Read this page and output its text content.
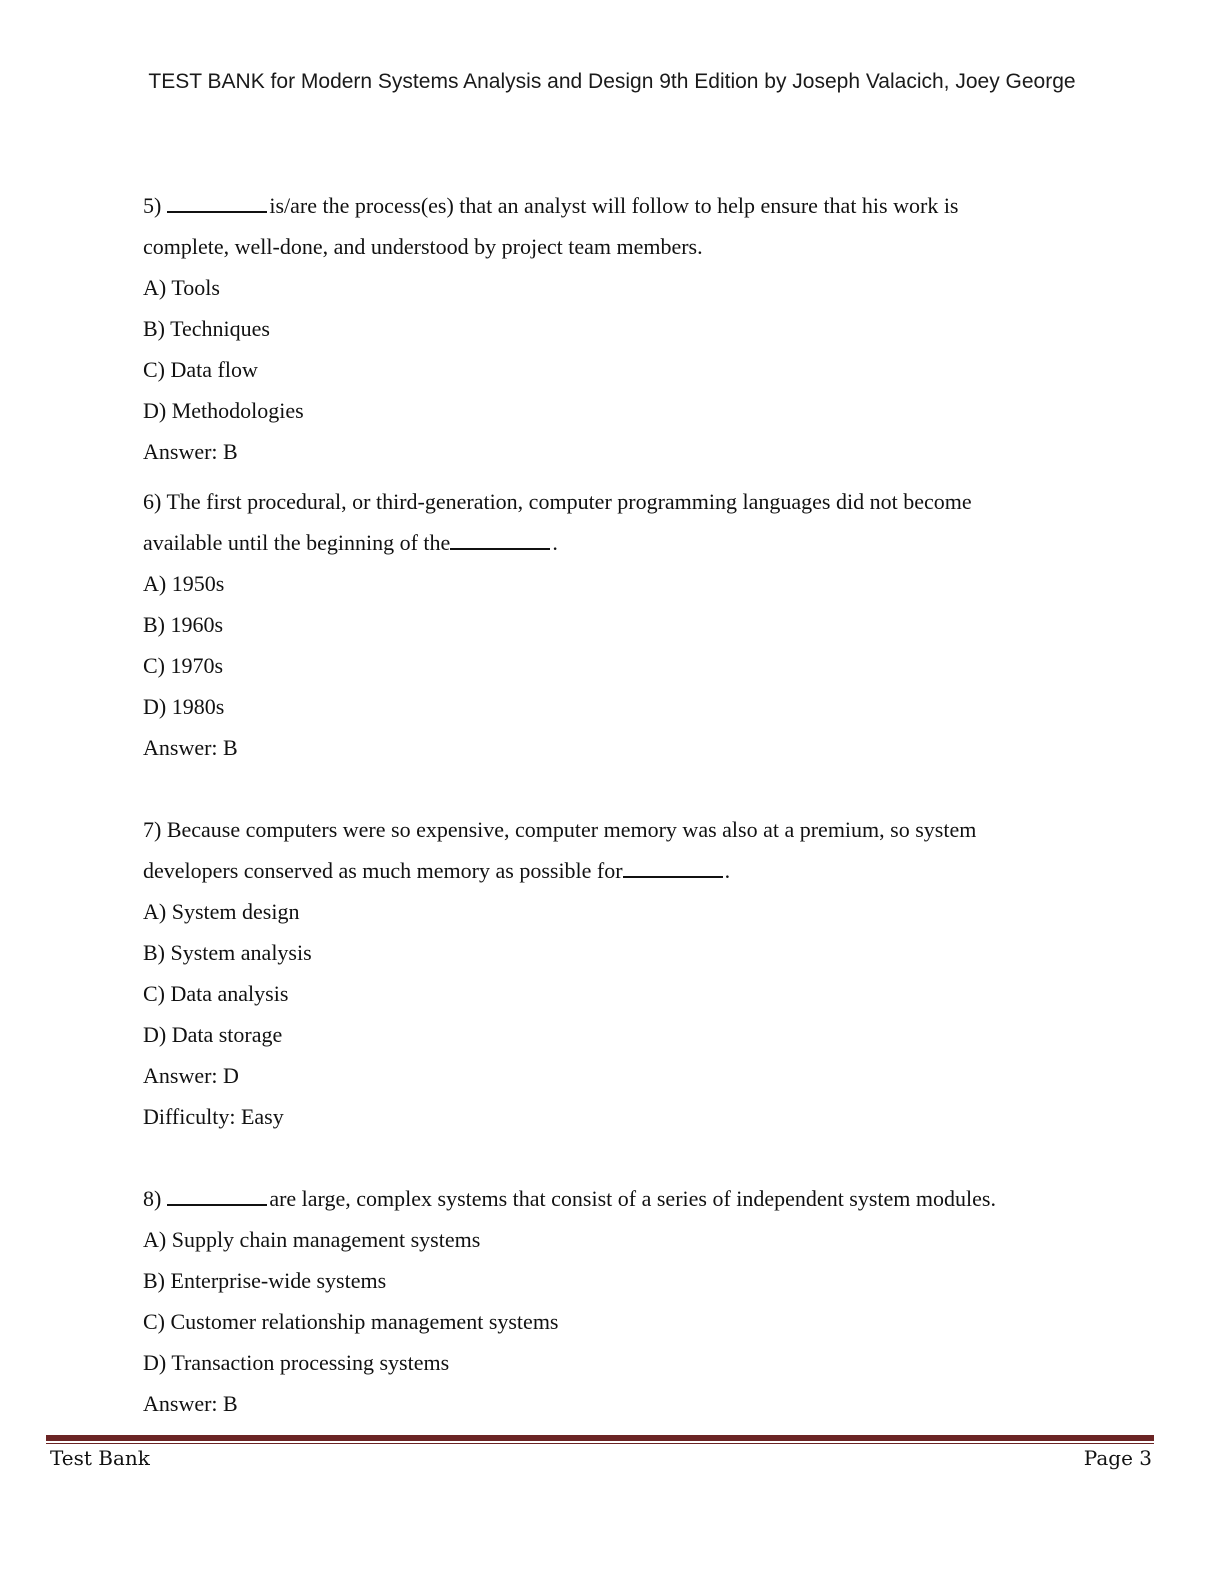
TEST BANK for Modern Systems Analysis and Design 9th Edition by Joseph Valacich, Joey George
5)	is/are the process(es) that an analyst will follow to help ensure that his work is
complete, well-done, and understood by project team members.
A) Tools
B) Techniques
C) Data flow
D) Methodologies
Answer: B
6) The first procedural, or third-generation, computer programming languages did not become
available until the beginning of the	.
A) 1950s
B) 1960s
C) 1970s
D) 1980s
Answer: B
7) Because computers were so expensive, computer memory was also at a premium, so system
developers conserved as much memory as possible for	.
A) System design
B) System analysis
C) Data analysis
D) Data storage
Answer: D
Difficulty: Easy
8)	are large, complex systems that consist of a series of independent system modules.
A) Supply chain management systems
B) Enterprise-wide systems
C) Customer relationship management systems
D) Transaction processing systems
Answer: B
Test Bank	Page 3
